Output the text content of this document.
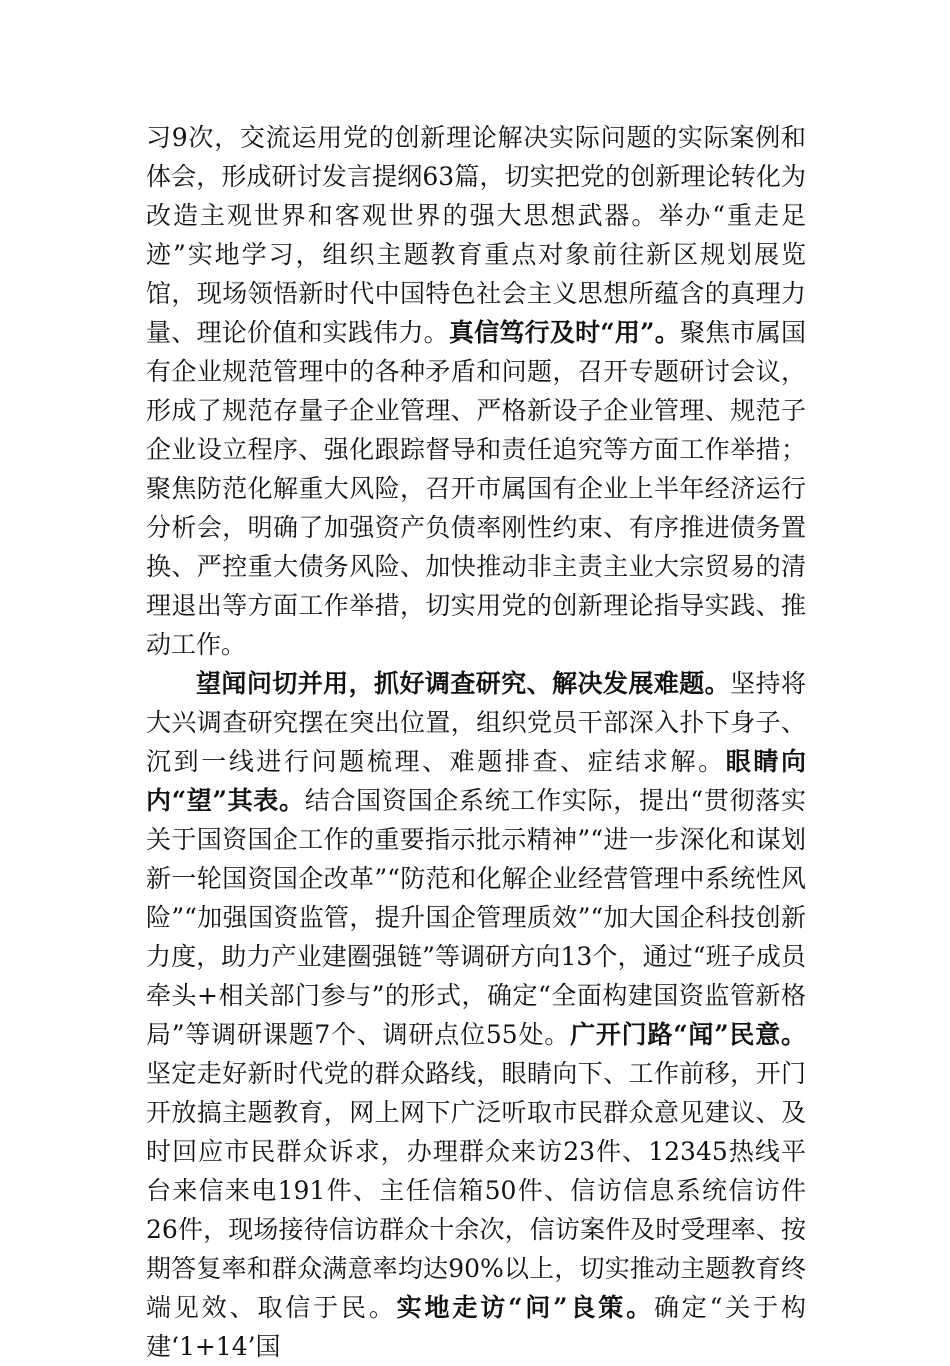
习9次，交流运用党的创新理论解决实际问题的实际案例和体会，形成研讨发言提纲63篇，切实把党的创新理论转化为改造主观世界和客观世界的强大思想武器。举办“重走足迹”实地学习，组织主题教育重点对象前往新区规划展览馆，现场领悟新时代中国特色社会主义思想所蕴含的真理力量、理论价值和实践伟力。真信笃行及时“用”。聚焦市属国有企业规范管理中的各种矛盾和问题，召开专题研讨会议，形成了规范存量子企业管理、严格新设子企业管理、规范子企业设立程序、强化跟踪督导和责任追究等方面工作举措；聚焦防范化解重大风险，召开市属国有企业上半年经济运行分析会，明确了加强资产负债率刚性约束、有序推进债务置换、严控重大债务风险、加快推动非主责主业大宗贸易的清理退出等方面工作举措，切实用党的创新理论指导实践、推动工作。

望闻问切并用，抓好调查研究、解决发展难题。坚持将大兴调查研究摆在突出位置，组织党员干部深入扑下身子、沉到一线进行问题梳理、难题排查、症结求解。眼睛向内“望”其表。结合国资国企系统工作实际，提出“贯彻落实关于国资国企工作的重要指示批示精神”“进一步深化和谋划新一轮国资国企改革”“防范和化解企业经营管理中系统性风险”“加强国资监管，提升国企管理质效”“加大国企科技创新力度，助力产业建圈强链”等调研方向13个，通过“班子成员牵头+相关部门参与”的形式，确定“全面构建国资监管新格局”等调研课题7个、调研点位55处。广开门路“闻”民意。坚定走好新时代党的群众路线，眼睛向下、工作前移，开门开放搞主题教育，网上网下广泛听取市民群众意见建议、及时回应市民群众诉求，办理群众来访23件、12345热线平台来信来电191件、主任信箱50件、信访信息系统信访件26件，现场接待信访群众十余次，信访案件及时受理率、按期答复率和群众满意率均达90%以上，切实推动主题教育终端见效、取信于民。实地走访“问”良策。确定“关于构建‘1+14’国
